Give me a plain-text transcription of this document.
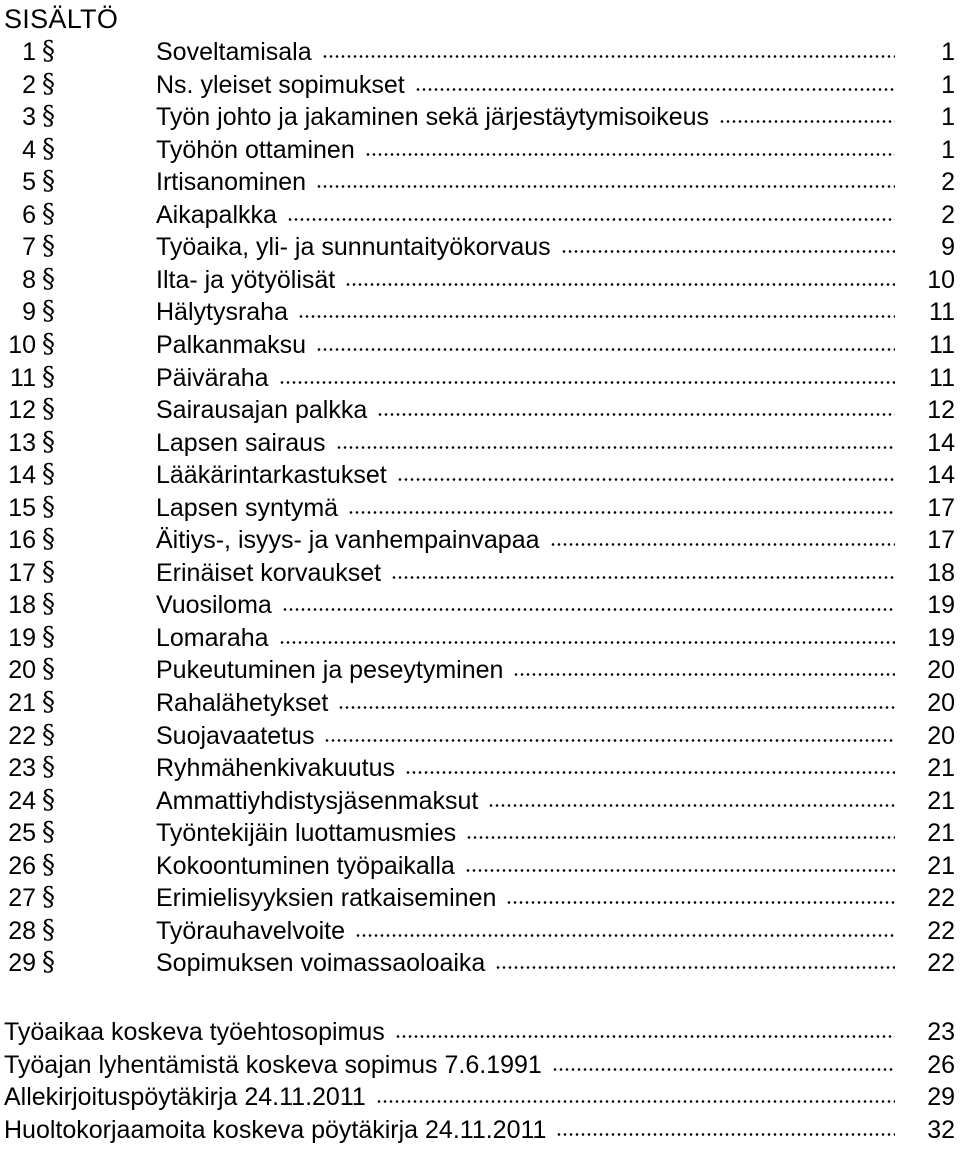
SISÄLTÖ
1 §	Soveltamisala	1
2 §	Ns. yleiset sopimukset	1
3 §	Työn johto ja jakaminen sekä järjestäytymisoikeus	1
4 §	Työhön ottaminen	1
5 §	Irtisanominen	2
6 §	Aikapalkka	2
7 §	Työaika, yli- ja sunnuntaityökorvaus	9
8 §	Ilta- ja yötyölisät	10
9 §	Hälytysraha	11
10 §	Palkanmaksu	11
11 §	Päiväraha	11
12 §	Sairausajan palkka	12
13 §	Lapsen sairaus	14
14 §	Lääkärintarkastukset	14
15 §	Lapsen syntymä	17
16 §	Äitiys-, isyys- ja vanhempainvapaa	17
17 §	Erinäiset korvaukset	18
18 §	Vuosiloma	19
19 §	Lomaraha	19
20 §	Pukeutuminen ja peseytyminen	20
21 §	Rahalähetykset	20
22 §	Suojavaatetus	20
23 §	Ryhmähenkivakuutus	21
24 §	Ammattiyhdistysjäsenmaksut	21
25 §	Työntekijäin luottamusmies	21
26 §	Kokoontuminen työpaikalla	21
27 §	Erimielisyyksien ratkaiseminen	22
28 §	Työrauhavelvoite	22
29 §	Sopimuksen voimassaoloaika	22
Työaikaa koskeva työehtosopimus	23
Työajan lyhentämistä koskeva sopimus 7.6.1991	26
Allekirjoituspöytäkirja 24.11.2011	29
Huoltokorjaamoita koskeva pöytäkirja 24.11.2011	32
